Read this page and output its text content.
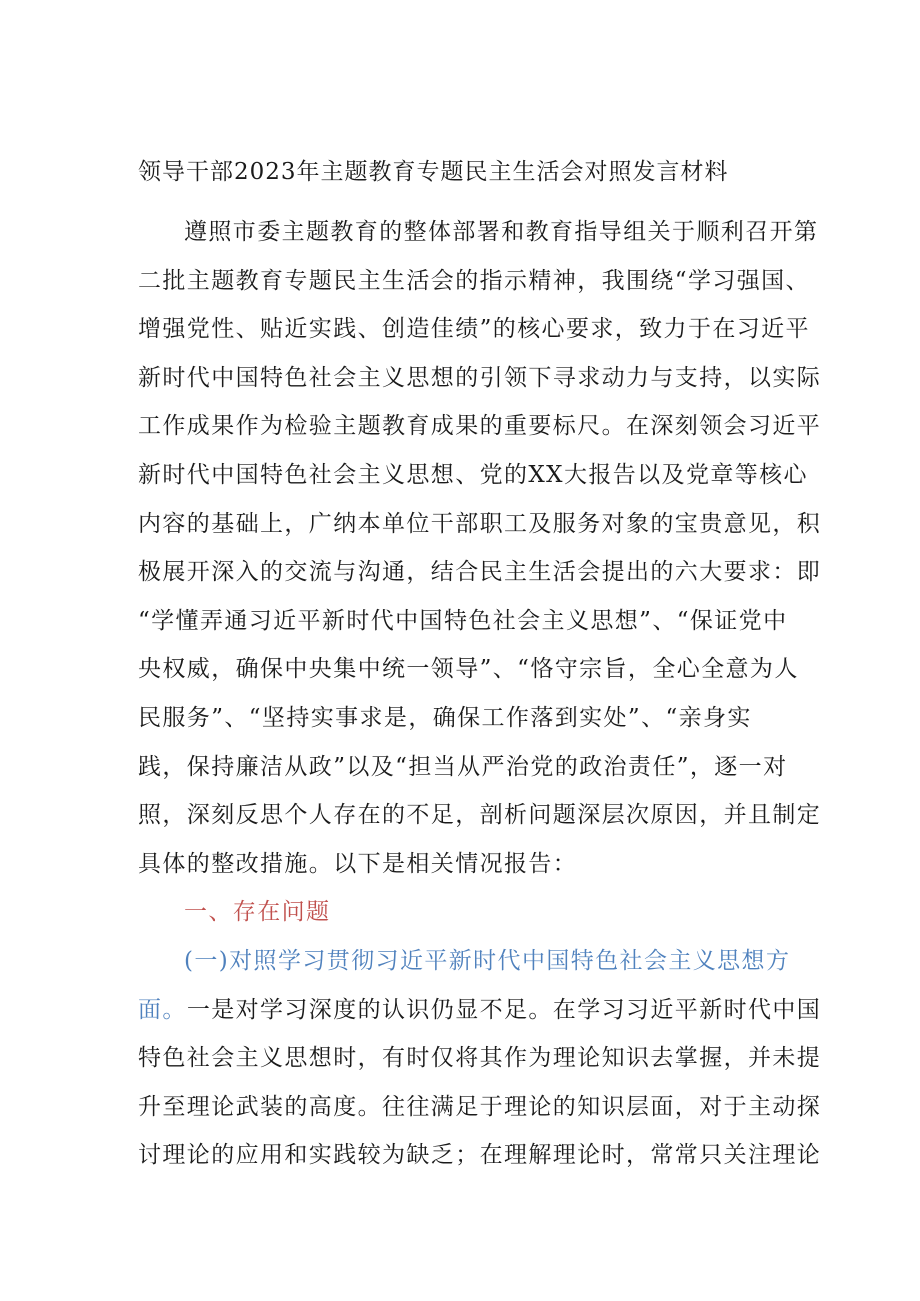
领导干部2023年主题教育专题民主生活会对照发言材料
遵照市委主题教育的整体部署和教育指导组关于顺利召开第
二批主题教育专题民主生活会的指示精神，我围绕“学习强国、
增强党性、贴近实践、创造佳绩”的核心要求，致力于在习近平
新时代中国特色社会主义思想的引领下寻求动力与支持，以实际
工作成果作为检验主题教育成果的重要标尺。在深刻领会习近平
新时代中国特色社会主义思想、党的XX大报告以及党章等核心
内容的基础上，广纳本单位干部职工及服务对象的宝贵意见，积
极展开深入的交流与沟通，结合民主生活会提出的六大要求：即
“学懂弄通习近平新时代中国特色社会主义思想”、“保证党中
央权威，确保中央集中统一领导”、“恪守宗旨，全心全意为人
民服务”、“坚持实事求是，确保工作落到实处”、“亲身实
践，保持廉洁从政”以及“担当从严治党的政治责任”，逐一对
照，深刻反思个人存在的不足，剖析问题深层次原因，并且制定
具体的整改措施。以下是相关情况报告：
一、存在问题
(一)对照学习贯彻习近平新时代中国特色社会主义思想方
面。一是对学习深度的认识仍显不足。在学习习近平新时代中国
特色社会主义思想时，有时仅将其作为理论知识去掌握，并未提
升至理论武装的高度。往往满足于理论的知识层面，对于主动探
讨理论的应用和实践较为缺乏；在理解理论时，常常只关注理论
